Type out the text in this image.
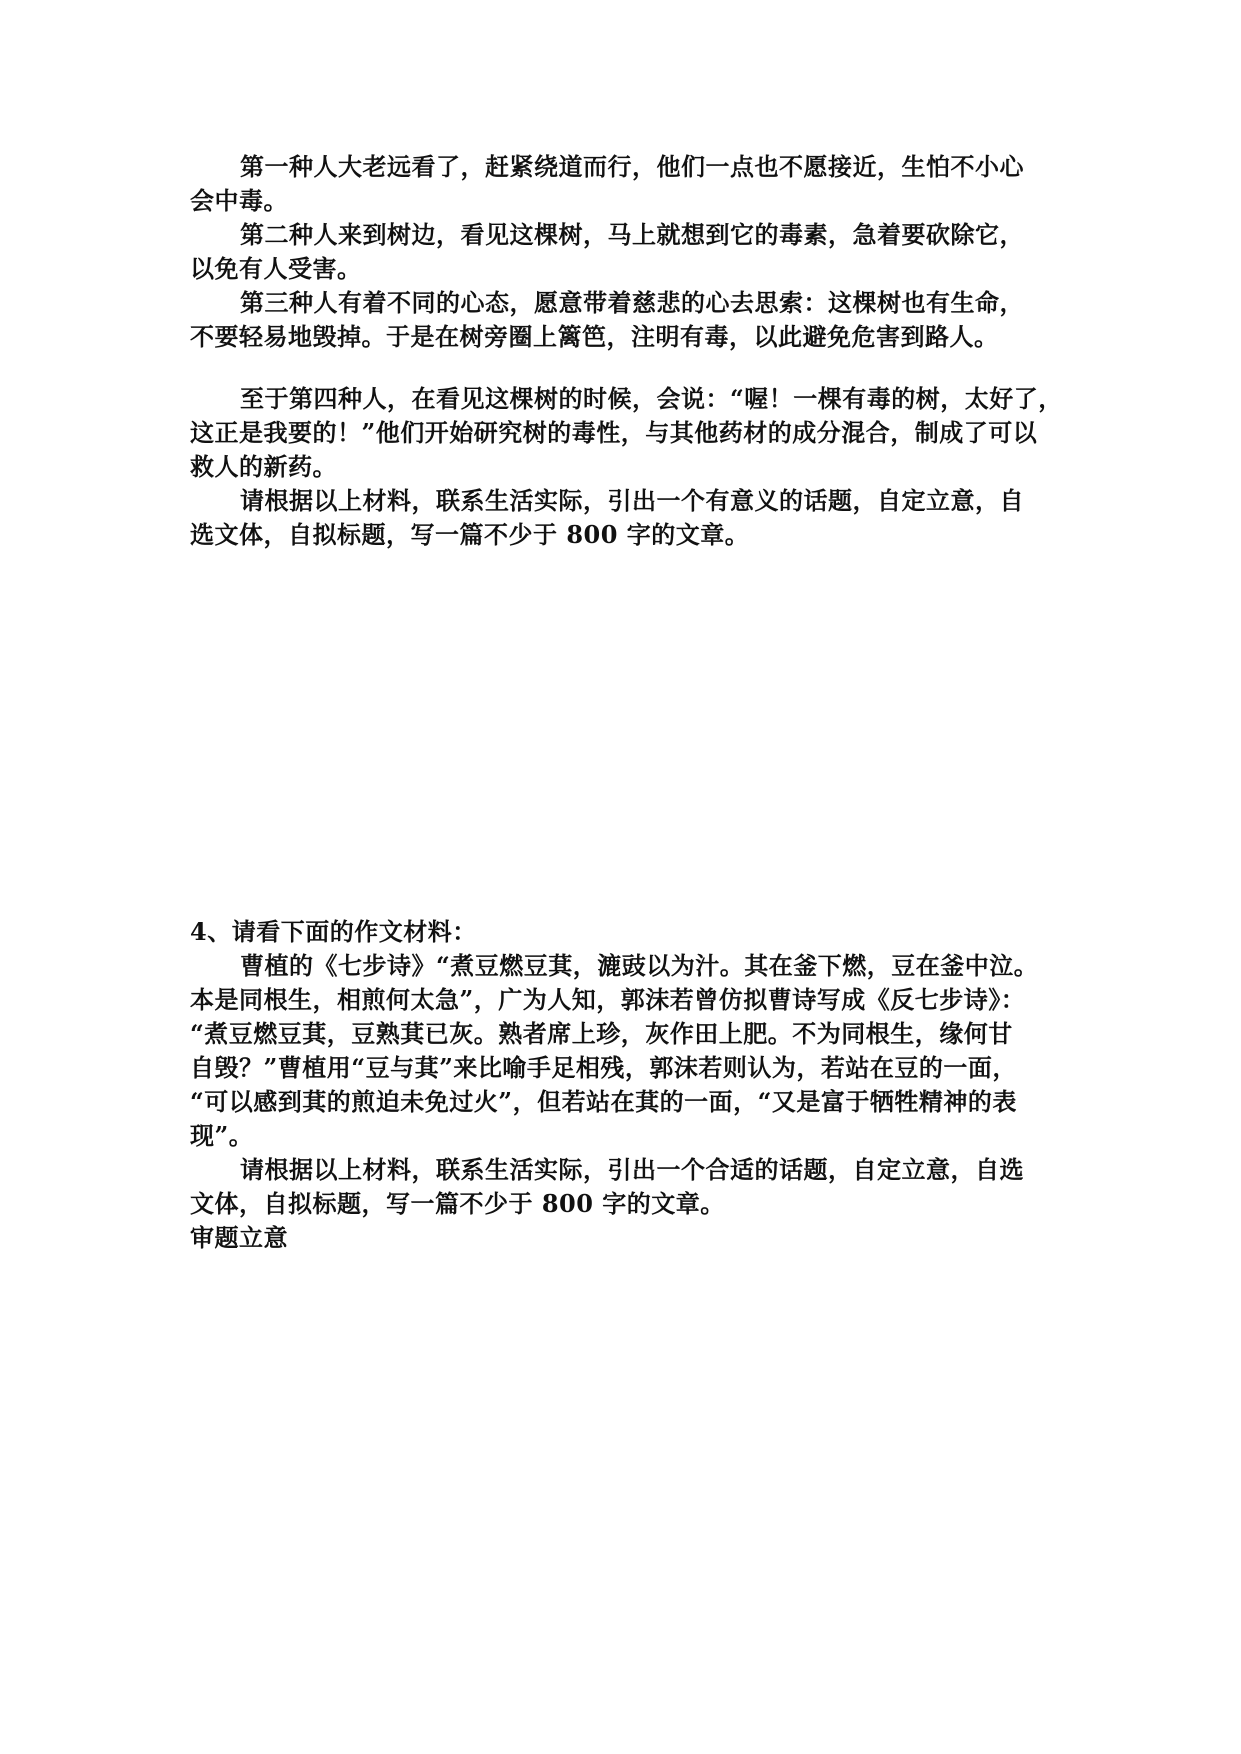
第一种人大老远看了，赶紧绕道而行，他们一点也不愿接近，生怕不小心
会中毒。
第二种人来到树边，看见这棵树，马上就想到它的毒素，急着要砍除它，
以免有人受害。
第三种人有着不同的心态，愿意带着慈悲的心去思索：这棵树也有生命，
不要轻易地毁掉。于是在树旁圈上篱笆，注明有毒，以此避免危害到路人。
至于第四种人，在看见这棵树的时候，会说：“喔！一棵有毒的树，太好了，
这正是我要的！”他们开始研究树的毒性，与其他药材的成分混合，制成了可以
救人的新药。
请根据以上材料，联系生活实际，引出一个有意义的话题，自定立意，自
选文体，自拟标题，写一篇不少于 800 字的文章。
4、请看下面的作文材料：
曹植的《七步诗》“煮豆燃豆萁，漉豉以为汁。其在釜下燃，豆在釜中泣。
本是同根生，相煎何太急”，广为人知，郭沫若曾仿拟曹诗写成《反七步诗》：
“煮豆燃豆萁，豆熟萁已灰。熟者席上珍，灰作田上肥。不为同根生，缘何甘
自毁？”曹植用“豆与萁”来比喻手足相残，郭沫若则认为，若站在豆的一面，
“可以感到萁的煎迫未免过火”，但若站在萁的一面，“又是富于牺牲精神的表
现”。
请根据以上材料，联系生活实际，引出一个合适的话题，自定立意，自选
文体，自拟标题，写一篇不少于 800 字的文章。
审题立意
